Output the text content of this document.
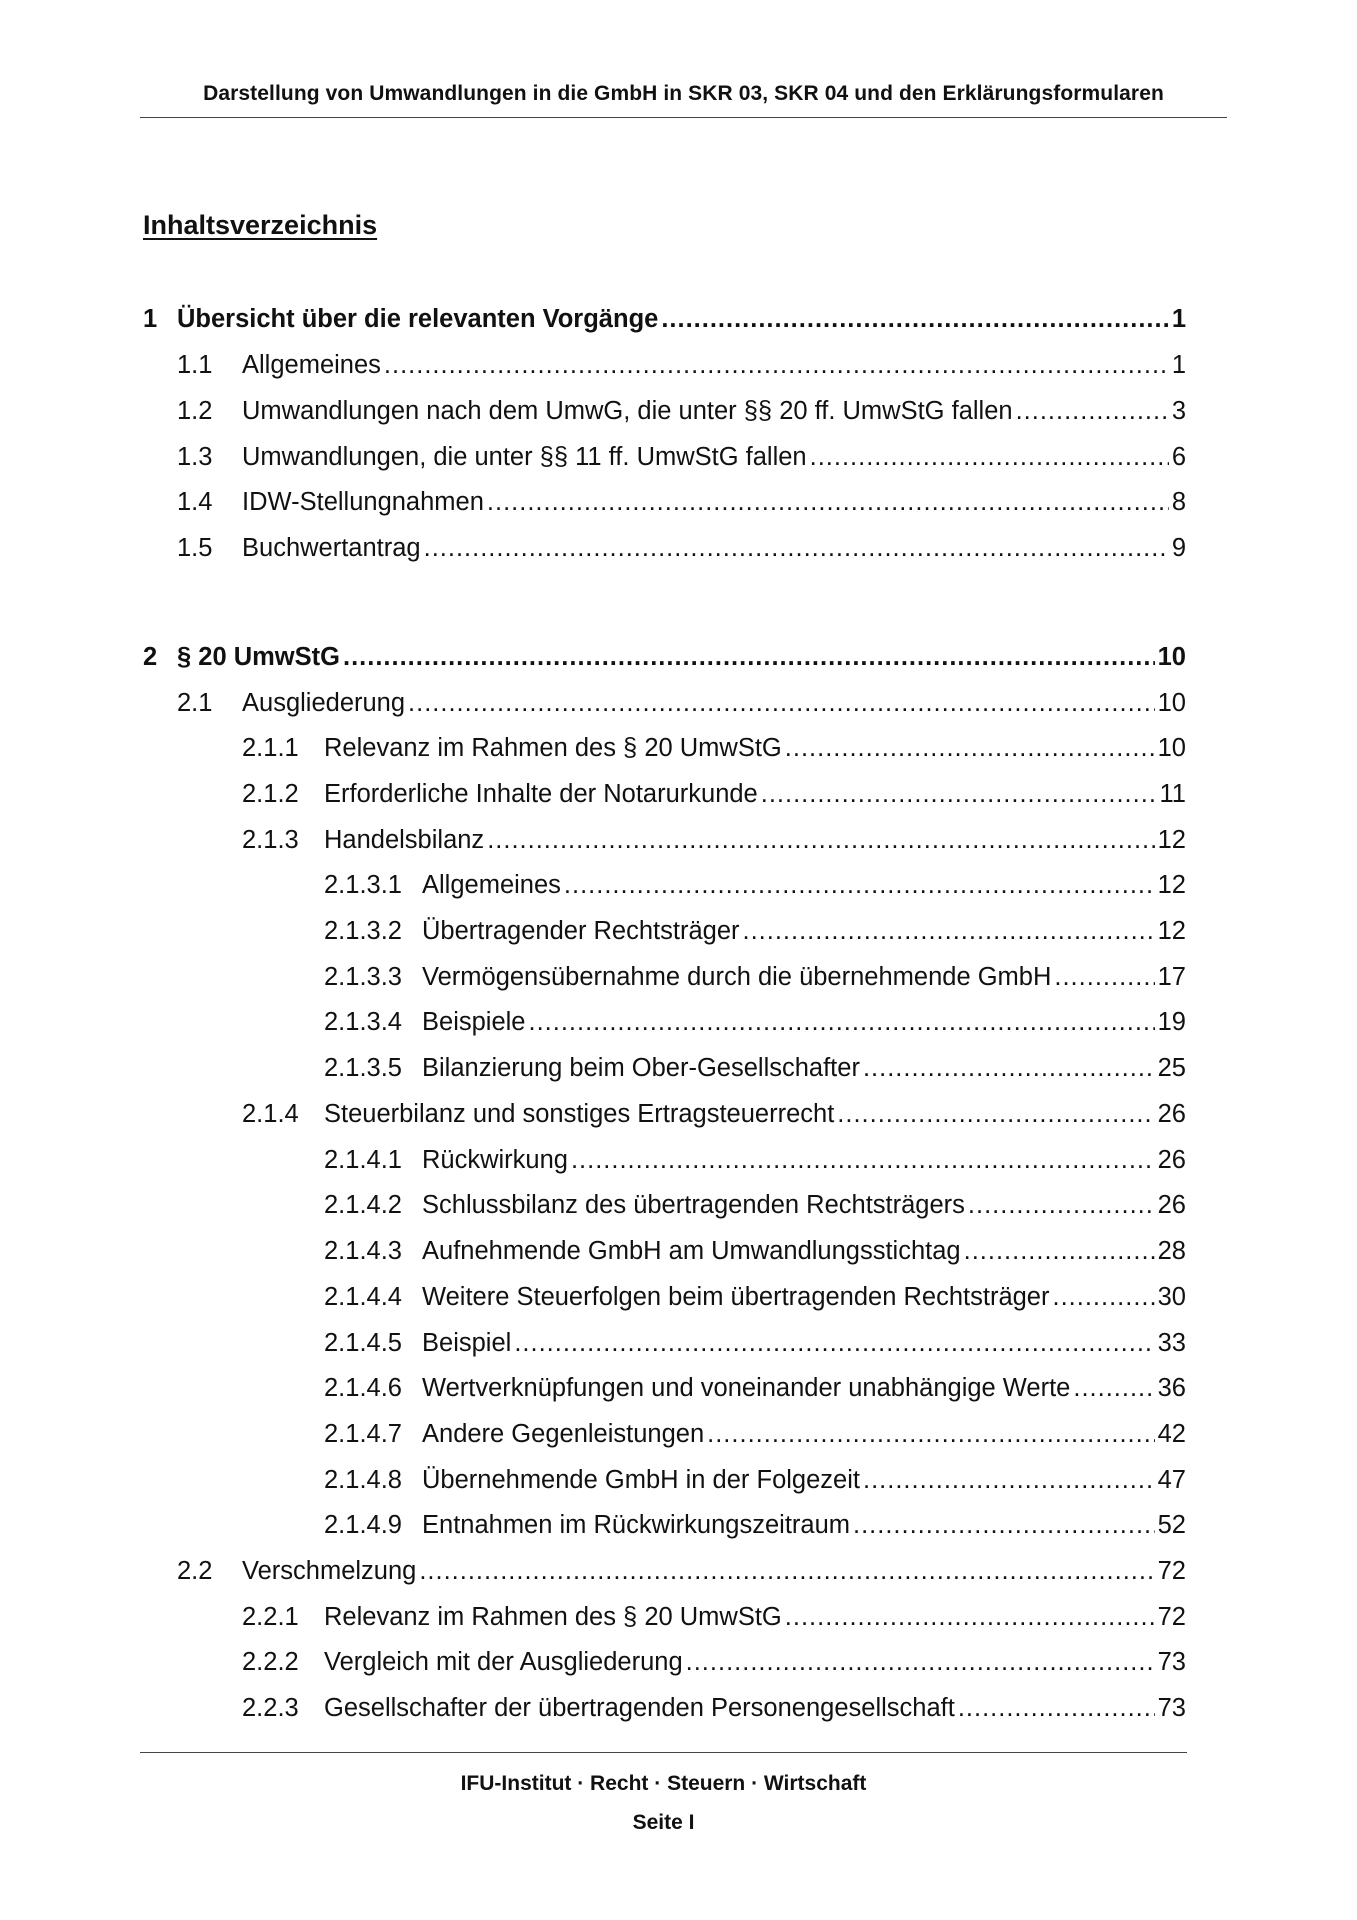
Darstellung von Umwandlungen in die GmbH in SKR 03, SKR 04 und den Erklärungsformularen
Inhaltsverzeichnis
1 Übersicht über die relevanten Vorgänge .....	1
1.1	Allgemeines .....	1
1.2	Umwandlungen nach dem UmwG, die unter §§ 20 ff. UmwStG fallen .....	3
1.3	Umwandlungen, die unter §§ 11 ff. UmwStG fallen .....	6
1.4	IDW-Stellungnahmen .....	8
1.5	Buchwertantrag .....	9
2 § 20 UmwStG .....	10
2.1	Ausgliederung .....	10
2.1.1 Relevanz im Rahmen des § 20 UmwStG .....	10
2.1.2 Erforderliche Inhalte der Notarurkunde .....	11
2.1.3 Handelsbilanz .....	12
2.1.3.1 Allgemeines .....	12
2.1.3.2 Übertragender Rechtsträger .....	12
2.1.3.3 Vermögensübernahme durch die übernehmende GmbH .....	17
2.1.3.4 Beispiele .....	19
2.1.3.5 Bilanzierung beim Ober-Gesellschafter .....	25
2.1.4 Steuerbilanz und sonstiges Ertragsteuerrecht .....	26
2.1.4.1 Rückwirkung .....	26
2.1.4.2 Schlussbilanz des übertragenden Rechtsträgers .....	26
2.1.4.3 Aufnehmende GmbH am Umwandlungsstichtag .....	28
2.1.4.4 Weitere Steuerfolgen beim übertragenden Rechtsträger .....	30
2.1.4.5 Beispiel .....	33
2.1.4.6 Wertverknüpfungen und voneinander unabhängige Werte .....	36
2.1.4.7 Andere Gegenleistungen .....	42
2.1.4.8 Übernehmende GmbH in der Folgezeit .....	47
2.1.4.9 Entnahmen im Rückwirkungszeitraum .....	52
2.2	Verschmelzung .....	72
2.2.1 Relevanz im Rahmen des § 20 UmwStG .....	72
2.2.2 Vergleich mit der Ausgliederung .....	73
2.2.3 Gesellschafter der übertragenden Personengesellschaft .....	73
IFU-Institut · Recht · Steuern · Wirtschaft
Seite I
